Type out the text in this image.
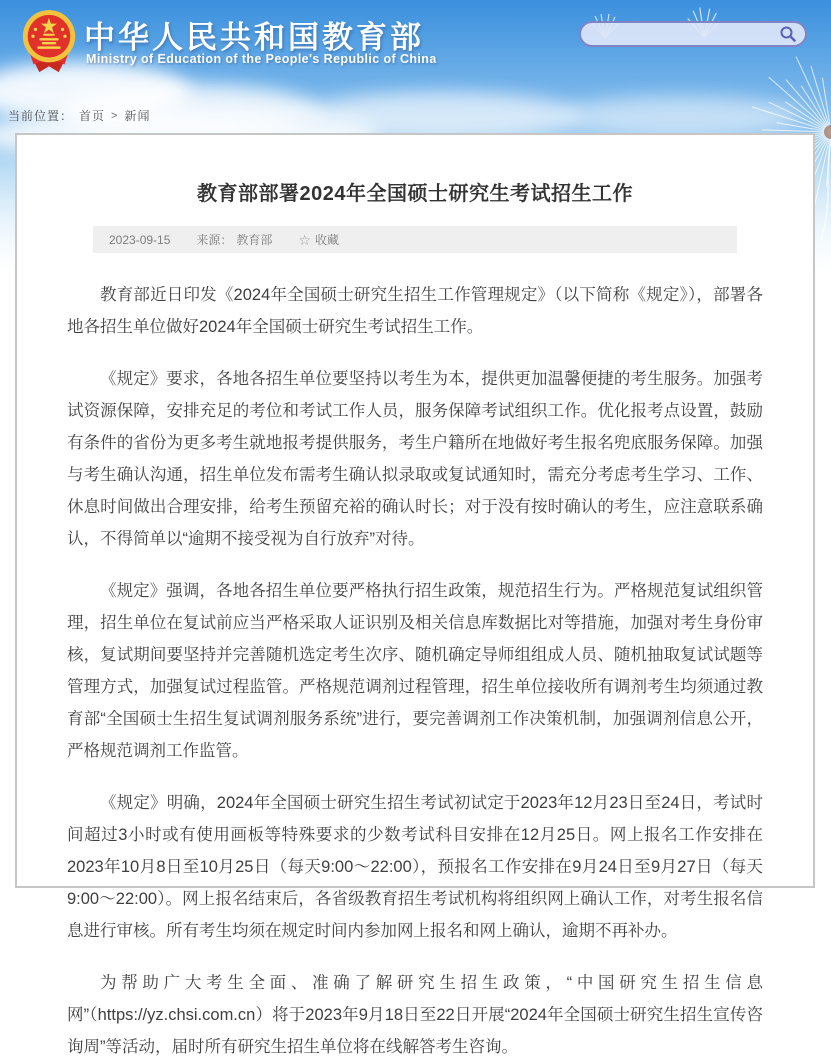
中华人民共和国教育部
Ministry of Education of the People's Republic of China
当前位置： 首页 > 新闻
教育部部署2024年全国硕士研究生考试招生工作
2023-09-15 来源： 教育部 ☆ 收藏

教育部近日印发《2024年全国硕士研究生招生工作管理规定》（以下简称《规定》），部署各地各招生单位做好2024年全国硕士研究生考试招生工作。

《规定》要求，各地各招生单位要坚持以考生为本，提供更加温馨便捷的考生服务。加强考试资源保障，安排充足的考位和考试工作人员，服务保障考试组织工作。优化报考点设置，鼓励有条件的省份为更多考生就地报考提供服务，考生户籍所在地做好考生报名兜底服务保障。加强与考生确认沟通，招生单位发布需考生确认拟录取或复试通知时，需充分考虑考生学习、工作、休息时间做出合理安排，给考生预留充裕的确认时长；对于没有按时确认的考生，应注意联系确认，不得简单以“逾期不接受视为自行放弃”对待。

《规定》强调，各地各招生单位要严格执行招生政策，规范招生行为。严格规范复试组织管理，招生单位在复试前应当严格采取人证识别及相关信息库数据比对等措施，加强对考生身份审核，复试期间要坚持并完善随机选定考生次序、随机确定导师组组成人员、随机抽取复试试题等管理方式，加强复试过程监管。严格规范调剂过程管理，招生单位接收所有调剂考生均须通过教育部“全国硕士生招生复试调剂服务系统”进行，要完善调剂工作决策机制，加强调剂信息公开，严格规范调剂工作监管。

《规定》明确，2024年全国硕士研究生招生考试初试定于2023年12月23日至24日，考试时间超过3小时或有使用画板等特殊要求的少数考试科目安排在12月25日。网上报名工作安排在2023年10月8日至10月25日（每天9:00～22:00），预报名工作安排在9月24日至9月27日（每天9:00～22:00）。网上报名结束后，各省级教育招生考试机构将组织网上确认工作，对考生报名信息进行审核。所有考生均须在规定时间内参加网上报名和网上确认，逾期不再补办。

为帮助广大考生全面、准确了解研究生招生政策，“中国研究生招生信息网”（https://yz.chsi.com.cn）将于2023年9月18日至22日开展“2024年全国硕士研究生招生宣传咨询周”等活动，届时所有研究生招生单位将在线解答考生咨询。
